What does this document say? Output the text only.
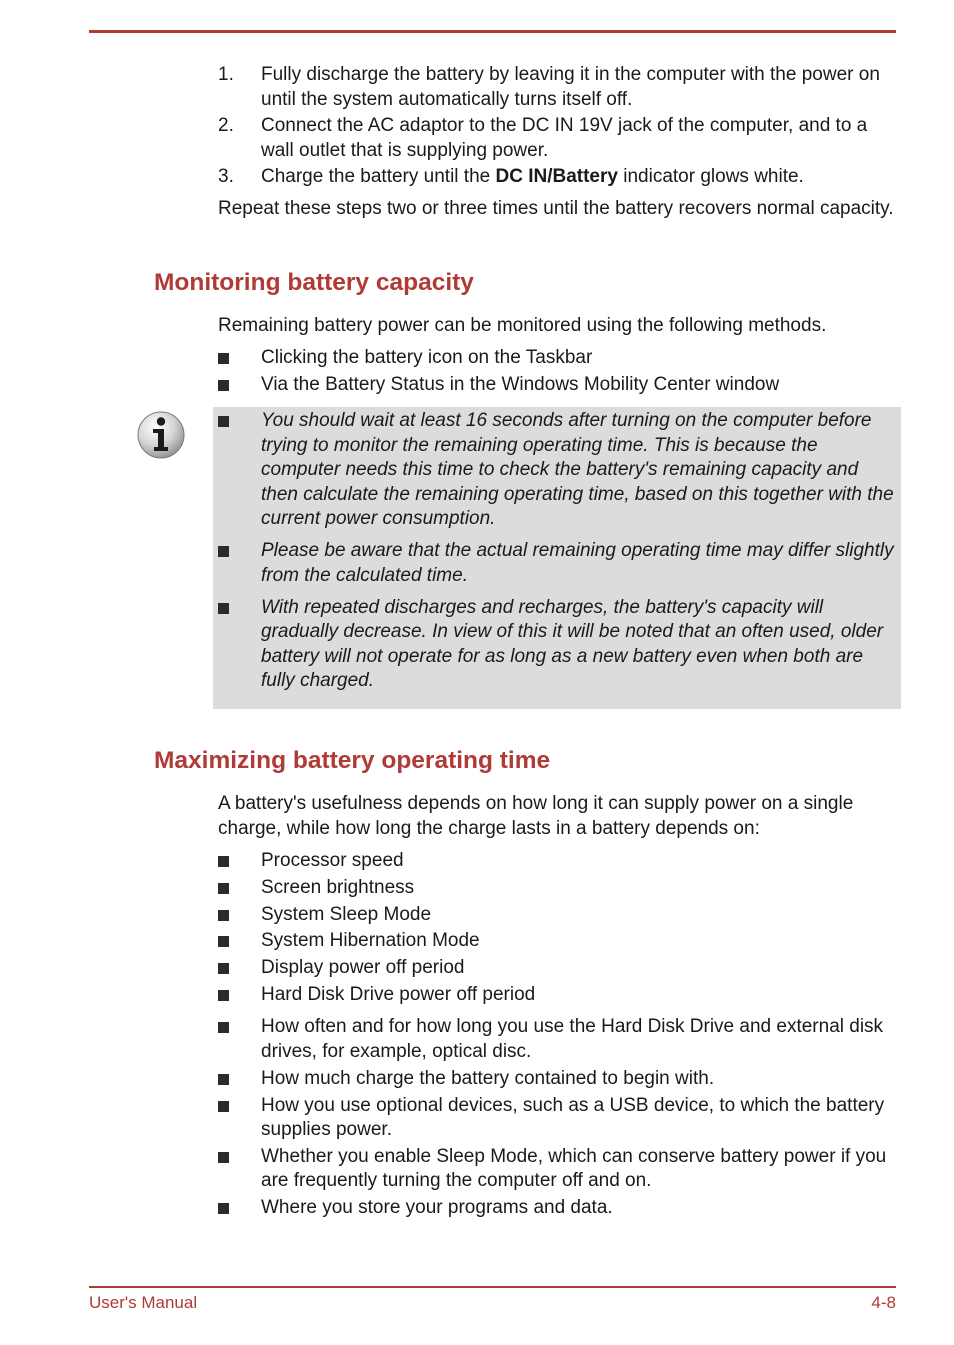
1. Fully discharge the battery by leaving it in the computer with the power on until the system automatically turns itself off.
2. Connect the AC adaptor to the DC IN 19V jack of the computer, and to a wall outlet that is supplying power.
3. Charge the battery until the DC IN/Battery indicator glows white.

Repeat these steps two or three times until the battery recovers normal capacity.

Monitoring battery capacity

Remaining battery power can be monitored using the following methods.

Clicking the battery icon on the Taskbar
Via the Battery Status in the Windows Mobility Center window
You should wait at least 16 seconds after turning on the computer before trying to monitor the remaining operating time. This is because the computer needs this time to check the battery's remaining capacity and then calculate the remaining operating time, based on this together with the current power consumption.
Please be aware that the actual remaining operating time may differ slightly from the calculated time.
With repeated discharges and recharges, the battery's capacity will gradually decrease. In view of this it will be noted that an often used, older battery will not operate for as long as a new battery even when both are fully charged.
Maximizing battery operating time

A battery's usefulness depends on how long it can supply power on a single charge, while how long the charge lasts in a battery depends on:

Processor speed
Screen brightness
System Sleep Mode
System Hibernation Mode
Display power off period
Hard Disk Drive power off period
How often and for how long you use the Hard Disk Drive and external disk drives, for example, optical disc.
How much charge the battery contained to begin with.
How you use optional devices, such as a USB device, to which the battery supplies power.
Whether you enable Sleep Mode, which can conserve battery power if you are frequently turning the computer off and on.
Where you store your programs and data.
User's Manual	4-8
